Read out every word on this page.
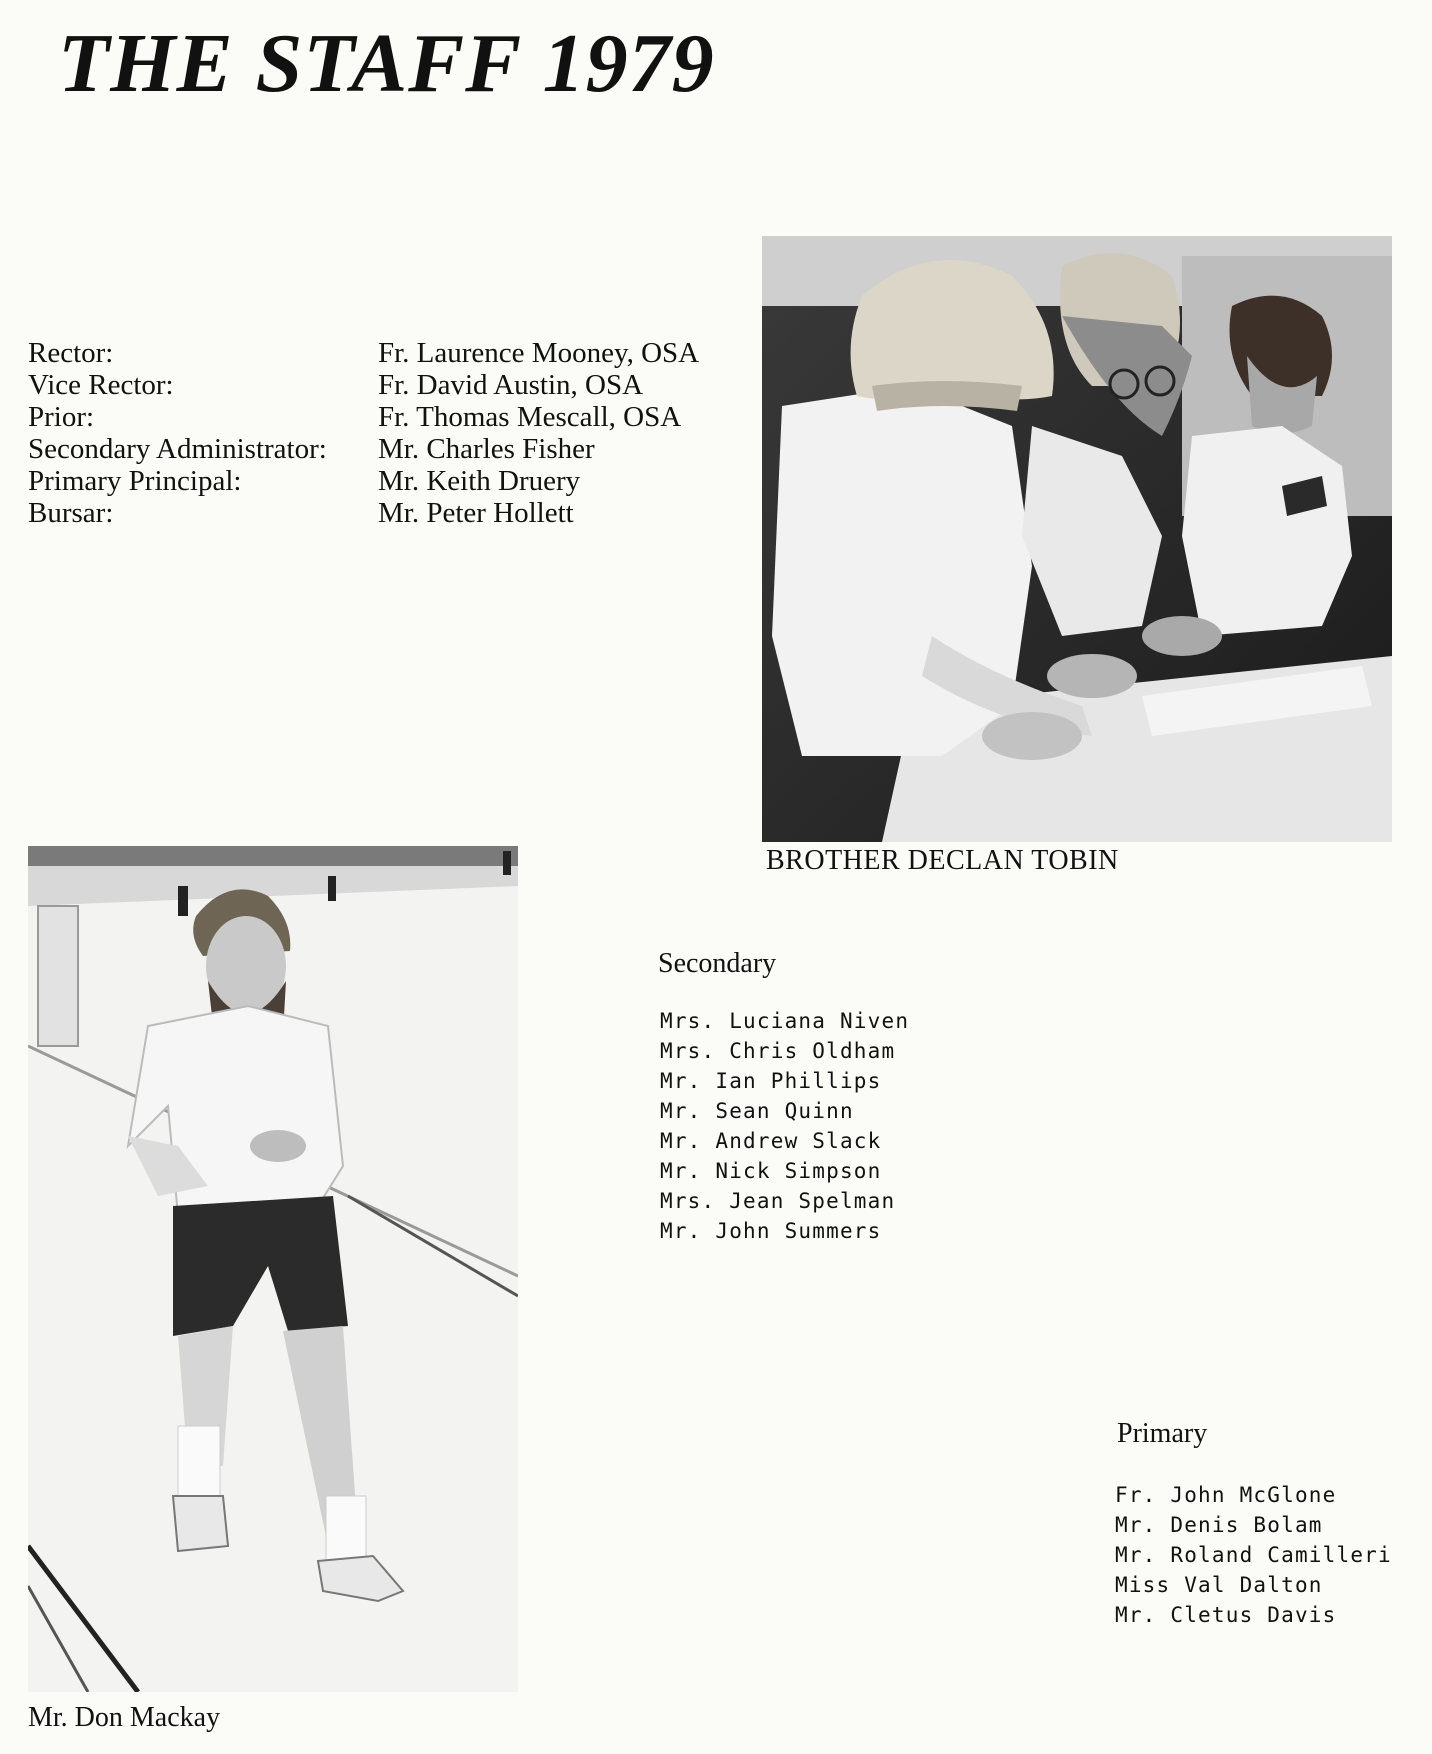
THE STAFF 1979
Rector:
Vice Rector:
Prior:
Secondary Administrator:
Primary Principal:
Bursar:
Fr. Laurence Mooney, OSA
Fr. David Austin, OSA
Fr. Thomas Mescall, OSA
Mr. Charles Fisher
Mr. Keith Druery
Mr. Peter Hollett
BROTHER DECLAN TOBIN
Mr. Don Mackay
Secondary
Mrs. Luciana Niven
Mrs. Chris Oldham
Mr. Ian Phillips
Mr. Sean Quinn
Mr. Andrew Slack
Mr. Nick Simpson
Mrs. Jean Spelman
Mr. John Summers
Primary
Fr. John McGlone
Mr. Denis Bolam
Mr. Roland Camilleri
Miss Val Dalton
Mr. Cletus Davis
